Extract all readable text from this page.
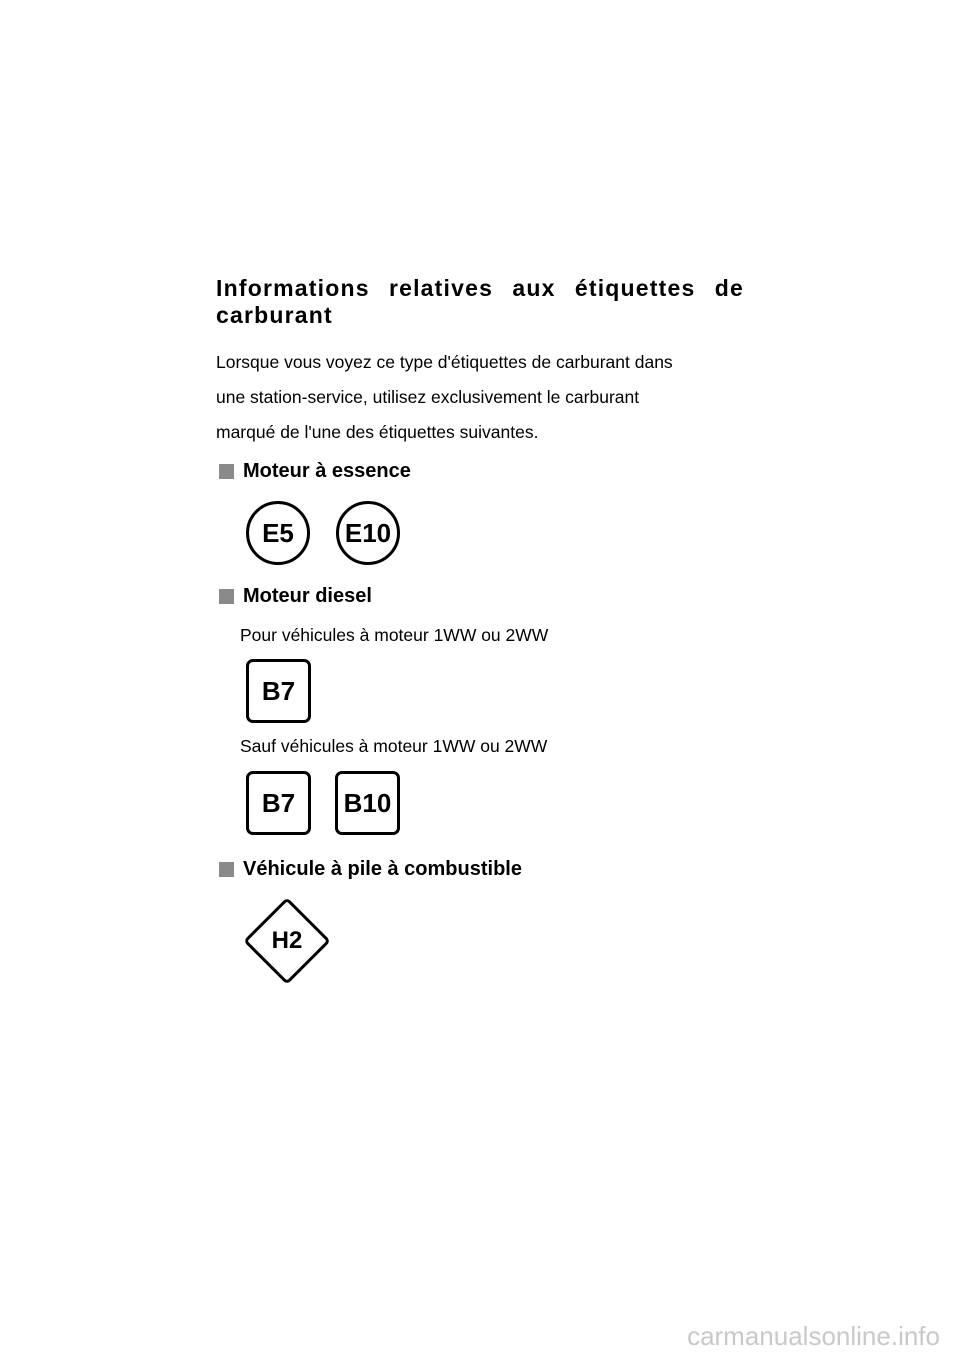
Informations relatives aux étiquettes de carburant
Lorsque vous voyez ce type d'étiquettes de carburant dans
une station-service, utilisez exclusivement le carburant
marqué de l'une des étiquettes suivantes.
Moteur à essence
E5 E10
Moteur diesel

Pour véhicules à moteur 1WW ou 2WW

B7

Sauf véhicules à moteur 1WW ou 2WW

B7 B10
Véhicule à pile à combustible
H2
carmanualsonline.info
